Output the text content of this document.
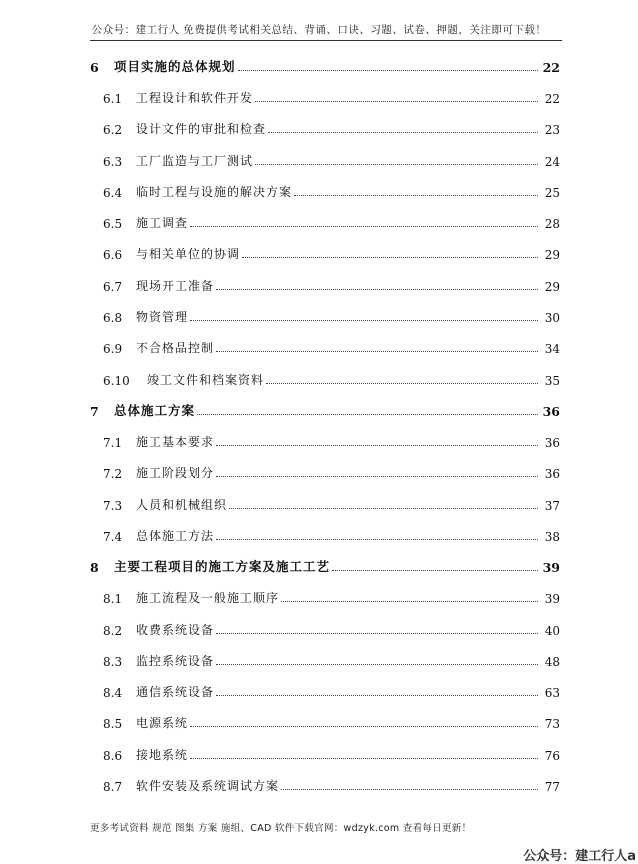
公众号：建工行人 免费提供考试相关总结、背诵、口诀、习题、试卷、押题，关注即可下载！
6	项目实施的总体规划	22
6.1	工程设计和软件开发	22
6.2	设计文件的审批和检查	23
6.3	工厂监造与工厂测试	24
6.4	临时工程与设施的解决方案	25
6.5	施工调查	28
6.6	与相关单位的协调	29
6.7	现场开工准备	29
6.8	物资管理	30
6.9	不合格品控制	34
6.10	竣工文件和档案资料	35
7	总体施工方案	36
7.1	施工基本要求	36
7.2	施工阶段划分	36
7.3	人员和机械组织	37
7.4	总体施工方法	38
8	主要工程项目的施工方案及施工工艺	39
8.1	施工流程及一般施工顺序	39
8.2	收费系统设备	40
8.3	监控系统设备	48
8.4	通信系统设备	63
8.5	电源系统	73
8.6	接地系统	76
8.7	软件安装及系统调试方案	77
更多考试资料 规范 图集 方案 施组、CAD 软件下载官网：wdzyk.com 查看每日更新！
公众号：建工行人a
